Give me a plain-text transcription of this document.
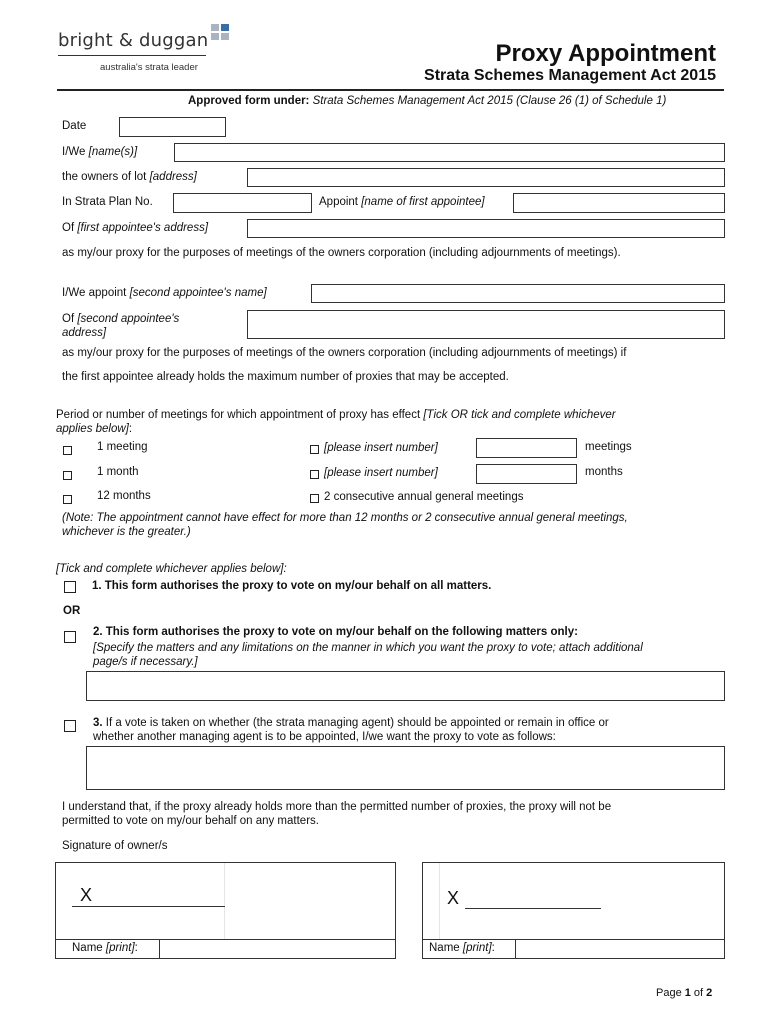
bright & duggan
australia's strata leader
Proxy Appointment
Strata Schemes Management Act 2015
Approved form under: Strata Schemes Management Act 2015 (Clause 26 (1) of Schedule 1)
Date
I/We [name(s)]
the owners of lot [address]
In Strata Plan No.	Appoint [name of first appointee]
Of [first appointee's address]
as my/our proxy for the purposes of meetings of the owners corporation (including adjournments of meetings).
I/We appoint [second appointee's name]
Of [second appointee's
address]
as my/our proxy for the purposes of meetings of the owners corporation (including adjournments of meetings) if
the first appointee already holds the maximum number of proxies that may be accepted.
Period or number of meetings for which appointment of proxy has effect [Tick OR tick and complete whichever
applies below]:
1 meeting	[please insert number]	meetings
1 month	[please insert number]	months
12 months	2 consecutive annual general meetings
(Note: The appointment cannot have effect for more than 12 months or 2 consecutive annual general meetings,
whichever is the greater.)
[Tick and complete whichever applies below]:
1. This form authorises the proxy to vote on my/our behalf on all matters.
OR
2. This form authorises the proxy to vote on my/our behalf on the following matters only:
[Specify the matters and any limitations on the manner in which you want the proxy to vote; attach additional
page/s if necessary.]
3. If a vote is taken on whether (the strata managing agent) should be appointed or remain in office or
whether another managing agent is to be appointed, I/we want the proxy to vote as follows:
I understand that, if the proxy already holds more than the permitted number of proxies, the proxy will not be
permitted to vote on my/our behalf on any matters.
Signature of owner/s
X
Name [print]:
X
Name [print]:
Page 1 of 2
